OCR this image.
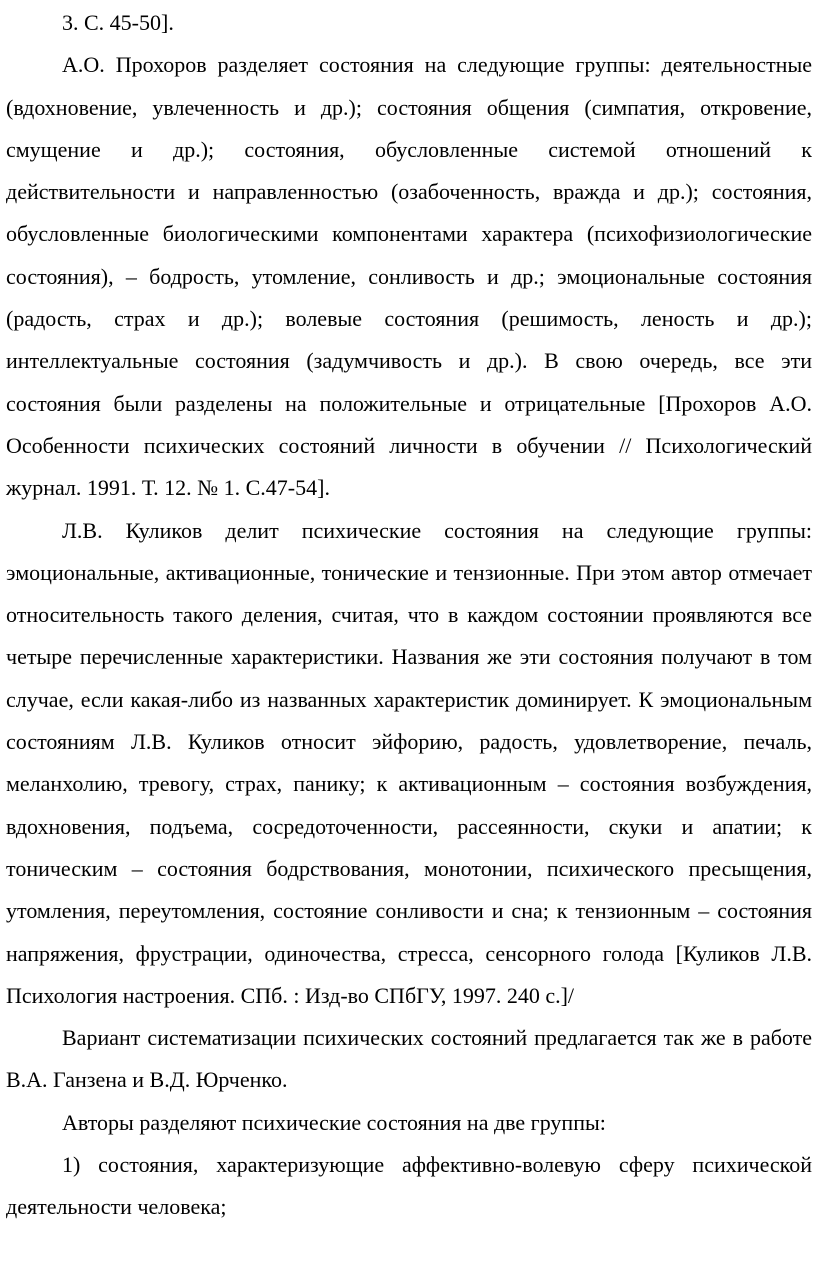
3. С. 45-50].

А.О. Прохоров разделяет состояния на следующие группы: деятельностные (вдохновение, увлеченность и др.); состояния общения (симпатия, откровение, смущение и др.); состояния, обусловленные системой отношений к действительности и направленностью (озабоченность, вражда и др.); состояния, обусловленные биологическими компонентами характера (психофизиологические состояния), – бодрость, утомление, сонливость и др.; эмоциональные состояния (радость, страх и др.); волевые состояния (решимость, леность и др.); интеллектуальные состояния (задумчивость и др.). В свою очередь, все эти состояния были разделены на положительные и отрицательные [Прохоров А.О. Особенности психических состояний личности в обучении // Психологический журнал. 1991. Т. 12. № 1. С.47-54].

Л.В. Куликов делит психические состояния на следующие группы: эмоциональные, активационные, тонические и тензионные. При этом автор отмечает относительность такого деления, считая, что в каждом состоянии проявляются все четыре перечисленные характеристики. Названия же эти состояния получают в том случае, если какая-либо из названных характеристик доминирует. К эмоциональным состояниям Л.В. Куликов относит эйфорию, радость, удовлетворение, печаль, меланхолию, тревогу, страх, панику; к активационным – состояния возбуждения, вдохновения, подъема, сосредоточенности, рассеянности, скуки и апатии; к тоническим – состояния бодрствования, монотонии, психического пресыщения, утомления, переутомления, состояние сонливости и сна; к тензионным – состояния напряжения, фрустрации, одиночества, стресса, сенсорного голода [Куликов Л.В. Психология настроения. СПб. : Изд-во СПбГУ, 1997. 240 с.]/

Вариант систематизации психических состояний предлагается так же в работе В.А. Ганзена и В.Д. Юрченко.

Авторы разделяют психические состояния на две группы:

1) состояния, характеризующие аффективно-волевую сферу психической деятельности человека;
